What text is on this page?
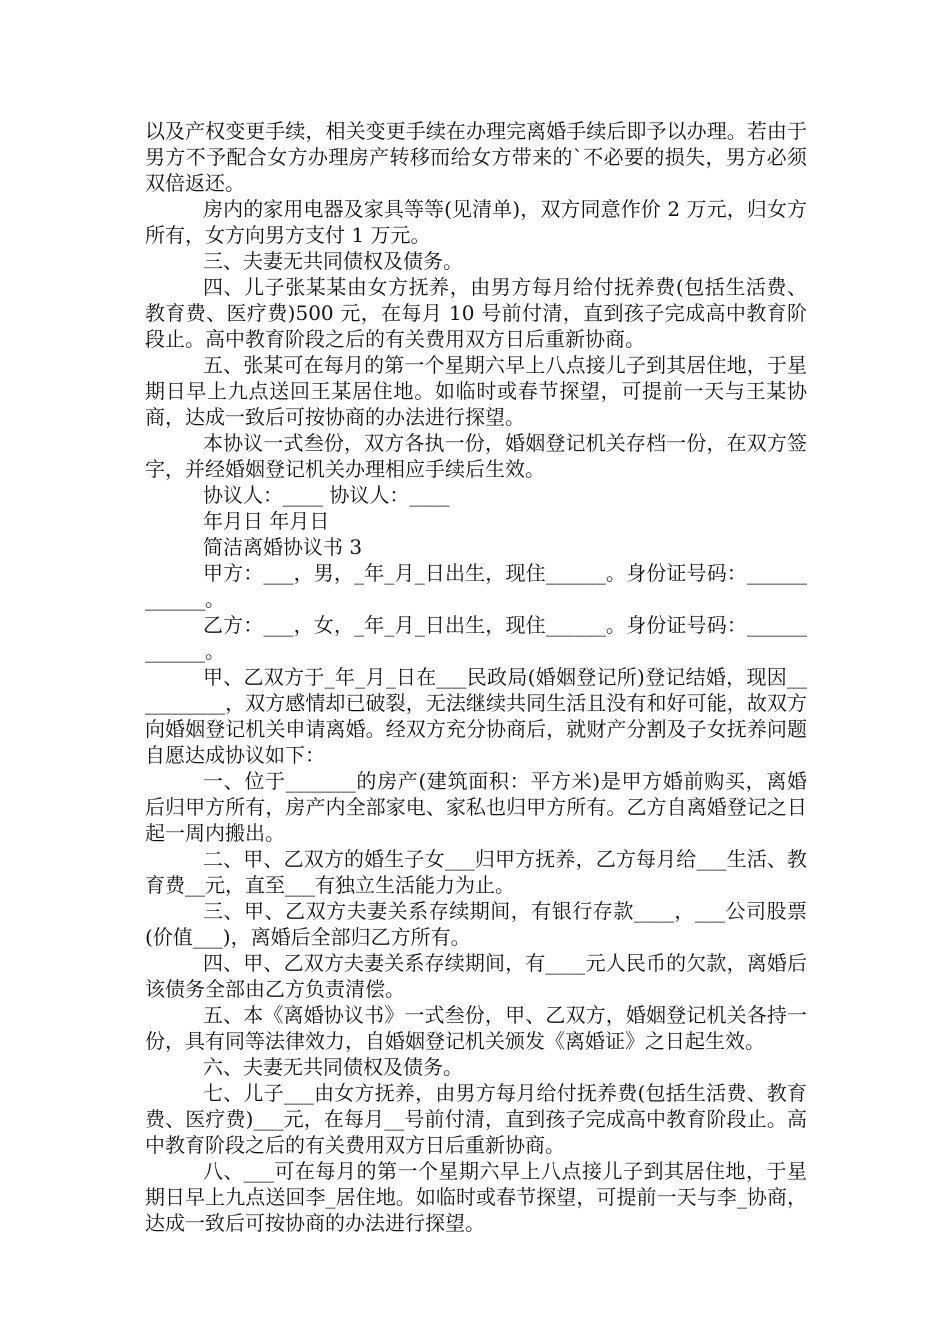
以及产权变更手续，相关变更手续在办理完离婚手续后即予以办理。若由于男方不予配合女方办理房产转移而给女方带来的`不必要的损失，男方必须双倍返还。

房内的家用电器及家具等等(见清单)，双方同意作价 2 万元，归女方所有，女方向男方支付 1 万元。

三、夫妻无共同债权及债务。

四、儿子张某某由女方抚养，由男方每月给付抚养费(包括生活费、教育费、医疗费)500 元，在每月 10 号前付清，直到孩子完成高中教育阶段止。高中教育阶段之后的有关费用双方日后重新协商。

五、张某可在每月的第一个星期六早上八点接儿子到其居住地，于星期日早上九点送回王某居住地。如临时或春节探望，可提前一天与王某协商，达成一致后可按协商的办法进行探望。

本协议一式叁份，双方各执一份，婚姻登记机关存档一份，在双方签字，并经婚姻登记机关办理相应手续后生效。

协议人：____ 协议人：____

年月日 年月日

简洁离婚协议书 3

甲方：___，男，_年_月_日出生，现住______。身份证号码：____________。

乙方：___，女，_年_月_日出生，现住______。身份证号码：____________。

甲、乙双方于_年_月_日在___民政局(婚姻登记所)登记结婚，现因__________，双方感情却已破裂，无法继续共同生活且没有和好可能，故双方向婚姻登记机关申请离婚。经双方充分协商后，就财产分割及子女抚养问题自愿达成协议如下：

一、位于_______的房产(建筑面积：平方米)是甲方婚前购买，离婚后归甲方所有，房产内全部家电、家私也归甲方所有。乙方自离婚登记之日起一周内搬出。

二、甲、乙双方的婚生子女___归甲方抚养，乙方每月给___生活、教育费__元，直至___有独立生活能力为止。

三、甲、乙双方夫妻关系存续期间，有银行存款____，___公司股票(价值___)，离婚后全部归乙方所有。

四、甲、乙双方夫妻关系存续期间，有____元人民币的欠款，离婚后该债务全部由乙方负责清偿。

五、本《离婚协议书》一式叁份，甲、乙双方，婚姻登记机关各持一份，具有同等法律效力，自婚姻登记机关颁发《离婚证》之日起生效。

六、夫妻无共同债权及债务。

七、儿子___由女方抚养，由男方每月给付抚养费(包括生活费、教育费、医疗费)___元，在每月__号前付清，直到孩子完成高中教育阶段止。高中教育阶段之后的有关费用双方日后重新协商。

八、___可在每月的第一个星期六早上八点接儿子到其居住地，于星期日早上九点送回李_居住地。如临时或春节探望，可提前一天与李_协商，达成一致后可按协商的办法进行探望。
